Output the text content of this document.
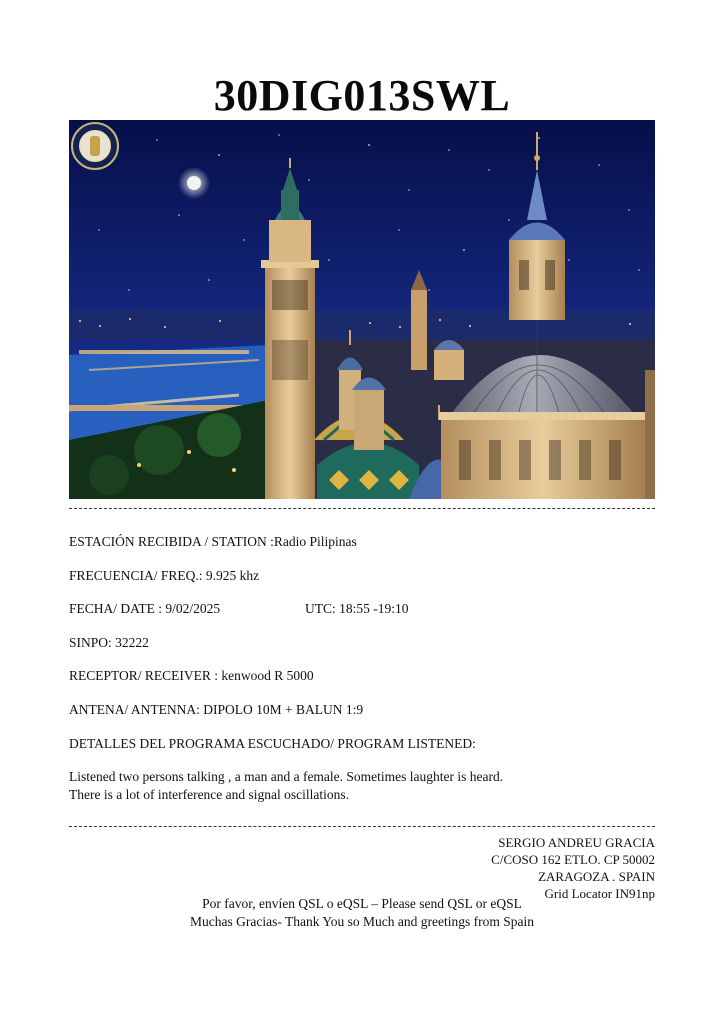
30DIG013SWL
ESTACIÓN RECIBIDA / STATION :Radio Pilipinas
FRECUENCIA/ FREQ.: 9.925 khz
FECHA/ DATE : 9/02/2025	UTC: 18:55 -19:10
SINPO: 32222
RECEPTOR/ RECEIVER : kenwood R 5000
ANTENA/ ANTENNA: DIPOLO 10M + BALUN 1:9
DETALLES DEL PROGRAMA ESCUCHADO/ PROGRAM LISTENED:
Listened two persons talking , a man and a female. Sometimes laughter is heard.
There is a lot of interference and signal oscillations.
SERGIO ANDREU GRACIA
C/COSO 162 ETLO. CP 50002
ZARAGOZA . SPAIN
Grid Locator IN91np
Por favor, envíen QSL o eQSL – Please send QSL or eQSL
Muchas Gracias- Thank You so Much and greetings from Spain
